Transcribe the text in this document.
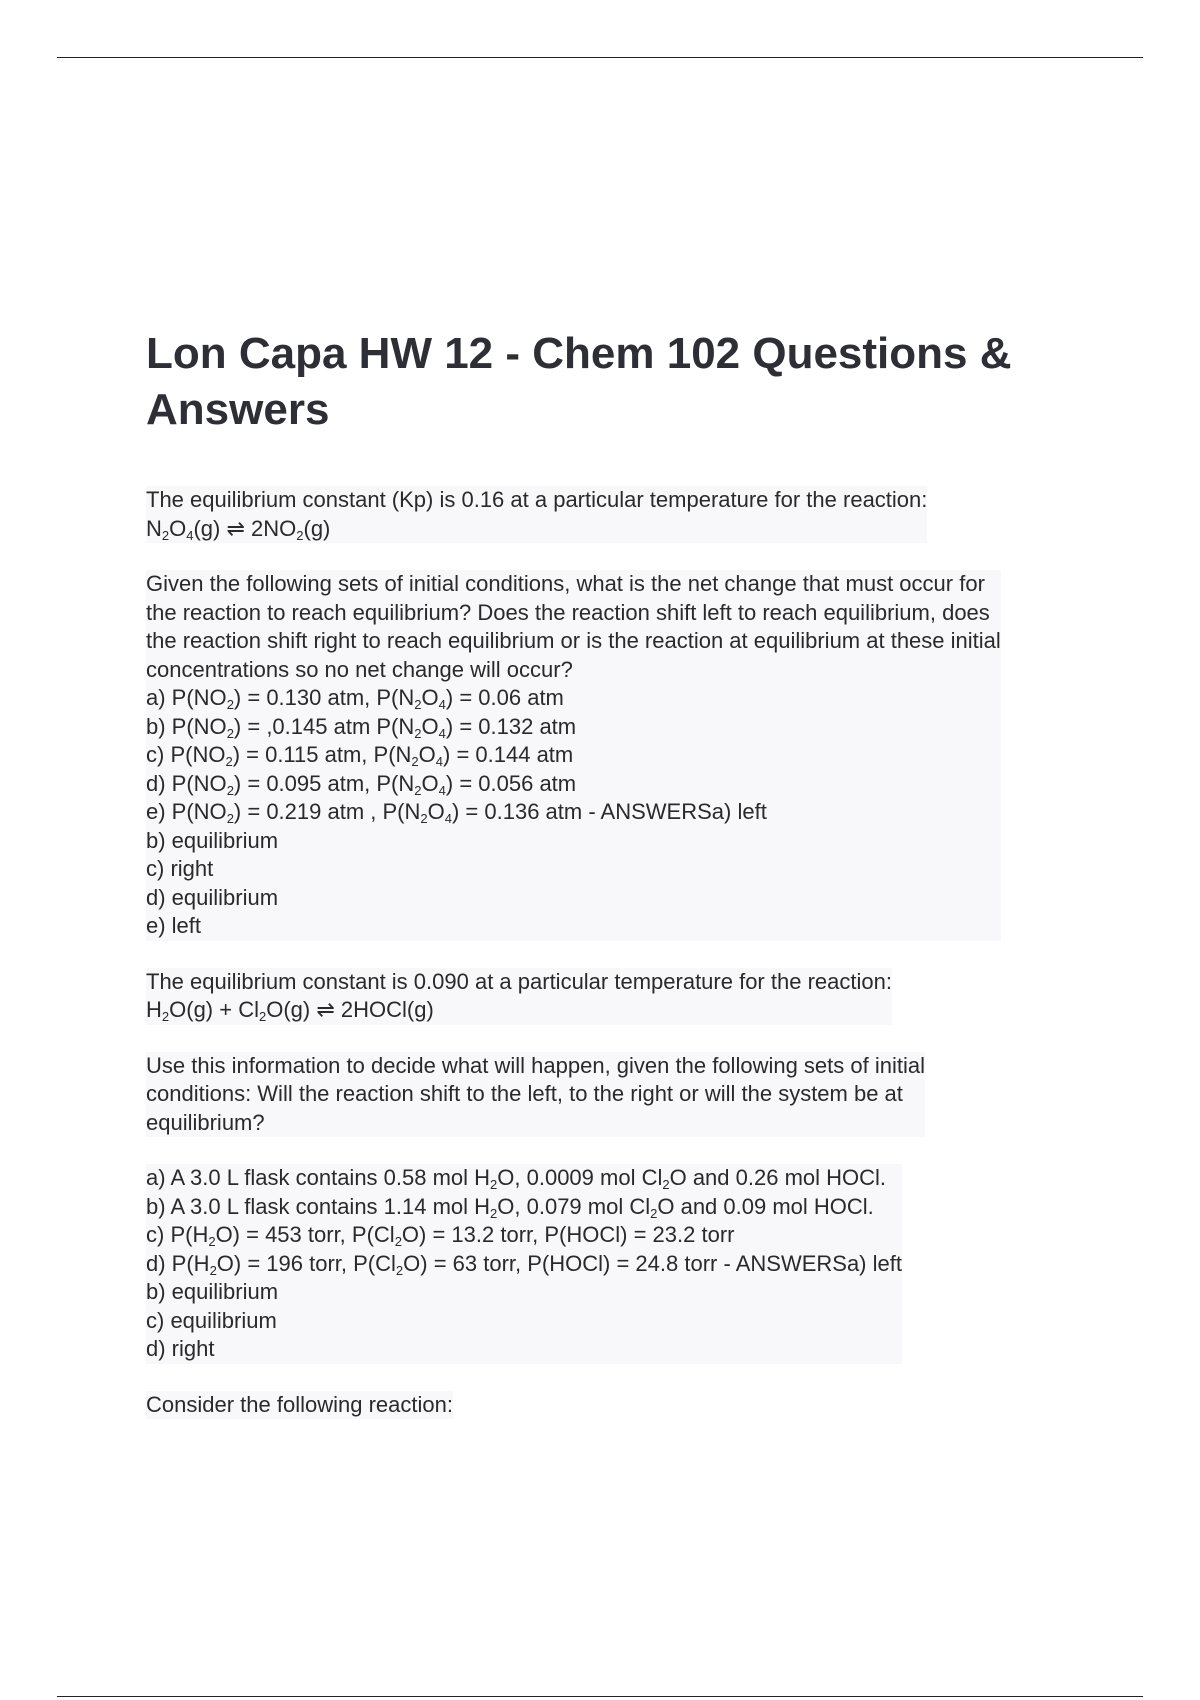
Lon Capa HW 12 - Chem 102 Questions & Answers
The equilibrium constant (Kp) is 0.16 at a particular temperature for the reaction:
$N_2O_4(g)$ ⇌ $2NO_2(g)$
Given the following sets of initial conditions, what is the net change that must occur for
the reaction to reach equilibrium? Does the reaction shift left to reach equilibrium, does
the reaction shift right to reach equilibrium or is the reaction at equilibrium at these initial
concentrations so no net change will occur?
a) $P(NO_2) = 0.130$ atm, $P(N_2O_4) = 0.06$ atm
b) $P(NO_2) = ,0.145$ atm $P(N_2O_4) = 0.132$ atm
c) $P(NO_2) = 0.115$ atm, $P(N_2O_4) = 0.144$ atm
d) $P(NO_2) = 0.095$ atm, $P(N_2O_4) = 0.056$ atm
e) $P(NO_2) = 0.219$ atm , $P(N_2O_4) = 0.136$ atm - ANSWERSa) left
b) equilibrium
c) right
d) equilibrium
e) left
The equilibrium constant is 0.090 at a particular temperature for the reaction:
$H_2O(g) + Cl_2O(g)$ ⇌ 2HOCl(g)
Use this information to decide what will happen, given the following sets of initial
conditions: Will the reaction shift to the left, to the right or will the system be at
equilibrium?
a) A 3.0 L flask contains 0.58 mol $H_2O$, 0.0009 mol $Cl_2O$ and 0.26 mol HOCl.
b) A 3.0 L flask contains 1.14 mol $H_2O$, 0.079 mol $Cl_2O$ and 0.09 mol HOCl.
c) $P(H_2O) = 453$ torr, $P(Cl_2O) = 13.2$ torr, P(HOCl) = 23.2 torr
d) $P(H_2O) = 196$ torr, $P(Cl_2O) = 63$ torr, P(HOCl) = 24.8 torr - ANSWERSa) left
b) equilibrium
c) equilibrium
d) right
Consider the following reaction:
